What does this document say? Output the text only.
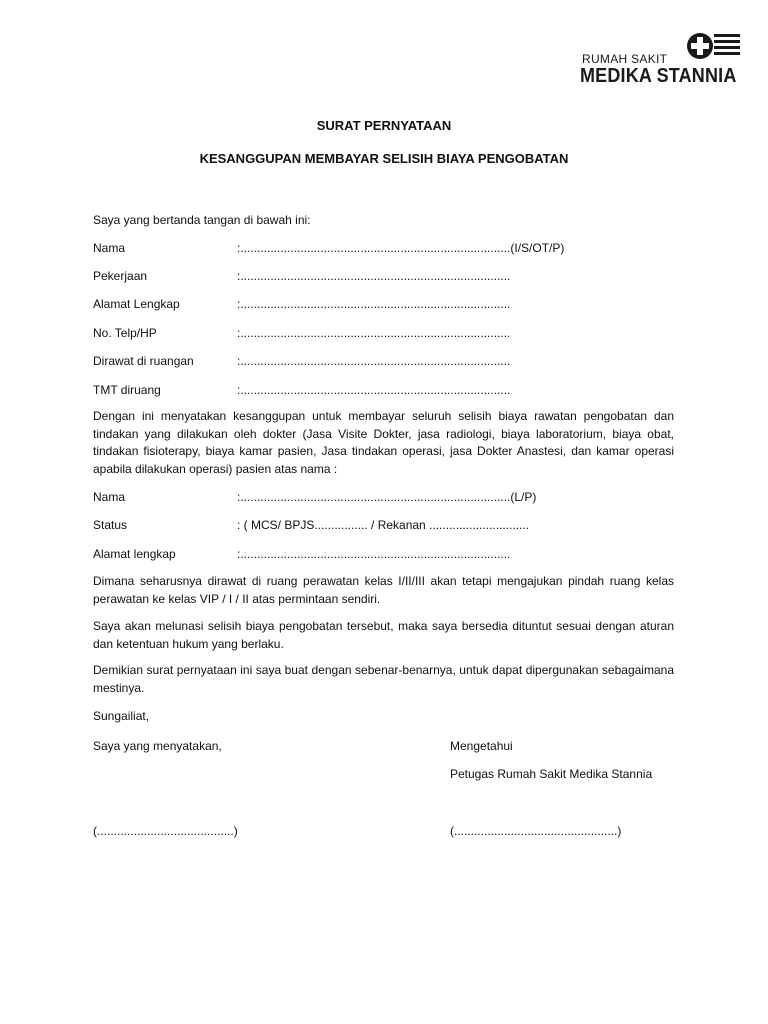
RUMAH SAKIT
MEDIKA STANNIA
SURAT PERNYATAAN
KESANGGUPAN MEMBAYAR SELISIH BIAYA PENGOBATAN
Saya yang bertanda tangan di bawah ini:
Nama	:.................................................................................(I/S/OT/P)
Pekerjaan	:.................................................................................
Alamat Lengkap	:.................................................................................
No. Telp/HP	:.................................................................................
Dirawat di ruangan	:.................................................................................
TMT diruang	:.................................................................................
Dengan ini menyatakan kesanggupan untuk membayar seluruh selisih biaya rawatan pengobatan dan tindakan yang dilakukan oleh dokter (Jasa Visite Dokter, jasa radiologi, biaya laboratorium, biaya obat, tindakan fisioterapy, biaya kamar pasien, Jasa tindakan operasi, jasa Dokter Anastesi, dan kamar operasi apabila dilakukan operasi) pasien atas nama :
Nama	:.................................................................................(L/P)
Status	: ( MCS/ BPJS................ / Rekanan ..............................
Alamat lengkap	:.................................................................................
Dimana seharusnya dirawat di ruang perawatan kelas I/II/III akan tetapi mengajukan pindah ruang kelas perawatan ke kelas VIP / I / II atas permintaan sendiri.
Saya akan melunasi selisih biaya pengobatan tersebut, maka saya bersedia dituntut sesuai dengan aturan dan ketentuan hukum yang berlaku.
Demikian surat pernyataan ini saya buat dengan sebenar-benarnya, untuk dapat dipergunakan sebagaimana mestinya.
Sungailiat,
Saya yang menyatakan,	Mengetahui
Petugas Rumah Sakit Medika Stannia
(.........................................)	(.................................................)
